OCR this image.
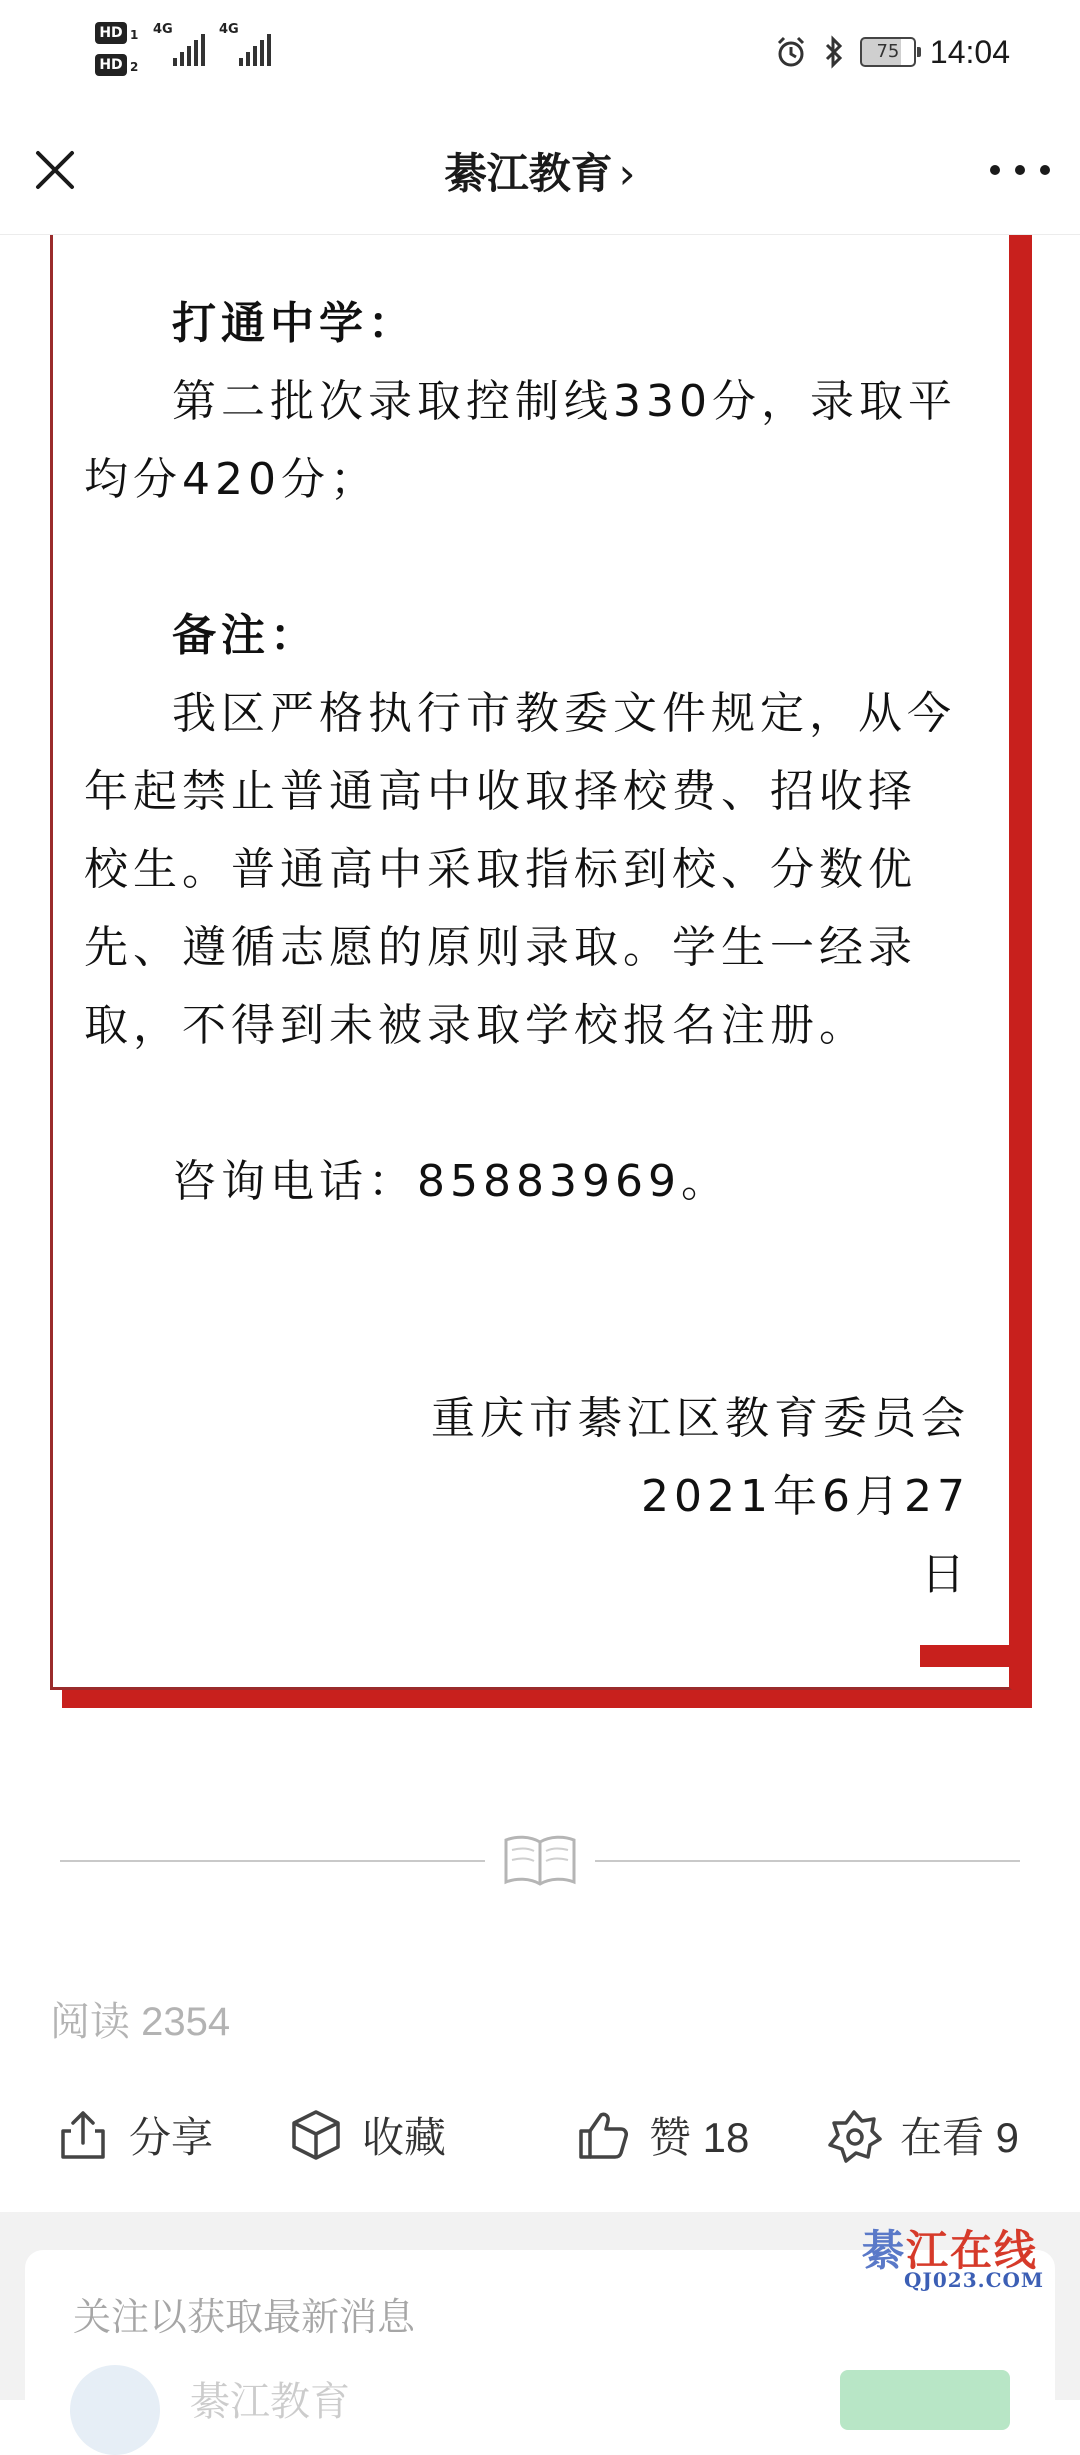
HD 1
HD 2
4G	4G
75 14:04
綦江教育 ›

打通中学：

第二批次录取控制线330分，录取平均分420分；

备注：

我区严格执行市教委文件规定，从今年起禁止普通高中收取择校费、招收择校生。普通高中采取指标到校、分数优先、遵循志愿的原则录取。学生一经录取，不得到未被录取学校报名注册。

咨询电话：85883969。

重庆市綦江区教育委员会

2021年6月27

日

阅读 2354
分享	收藏	赞 18	在看 9
关注以获取最新消息
綦江教育
綦江在线
QJ023.COM
